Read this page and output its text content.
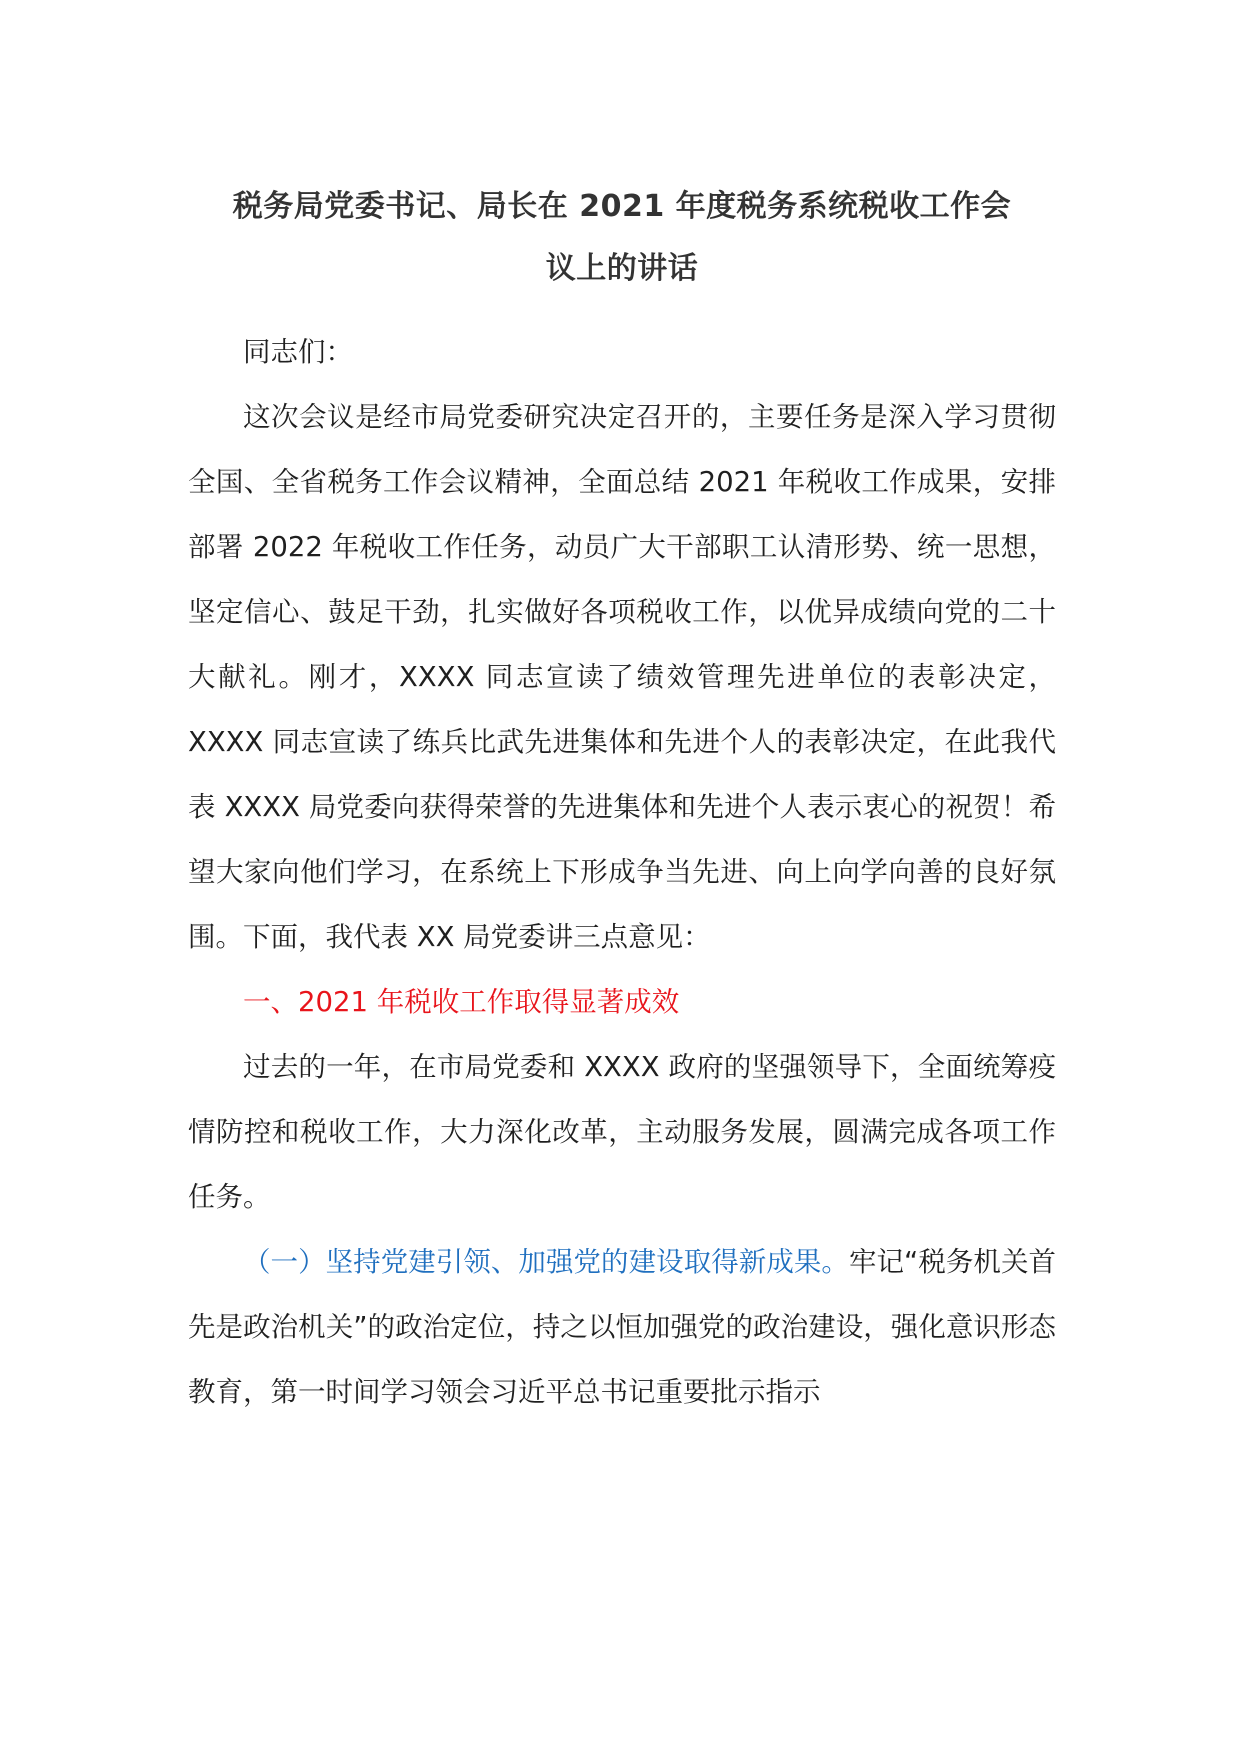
税务局党委书记、局长在 2021 年度税务系统税收工作会
议上的讲话

同志们：

这次会议是经市局党委研究决定召开的，主要任务是深入学习贯彻全国、全省税务工作会议精神，全面总结 2021 年税收工作成果，安排部署 2022 年税收工作任务，动员广大干部职工认清形势、统一思想，坚定信心、鼓足干劲，扎实做好各项税收工作，以优异成绩向党的二十大献礼。刚才，XXXX 同志宣读了绩效管理先进单位的表彰决定，XXXX 同志宣读了练兵比武先进集体和先进个人的表彰决定，在此我代表 XXXX 局党委向获得荣誉的先进集体和先进个人表示衷心的祝贺！希望大家向他们学习，在系统上下形成争当先进、向上向学向善的良好氛围。下面，我代表 XX 局党委讲三点意见：

一、2021 年税收工作取得显著成效

过去的一年，在市局党委和 XXXX 政府的坚强领导下，全面统筹疫情防控和税收工作，大力深化改革，主动服务发展，圆满完成各项工作任务。

（一）坚持党建引领、加强党的建设取得新成果。牢记“税务机关首先是政治机关”的政治定位，持之以恒加强党的政治建设，强化意识形态教育，第一时间学习领会习近平总书记重要批示指示
